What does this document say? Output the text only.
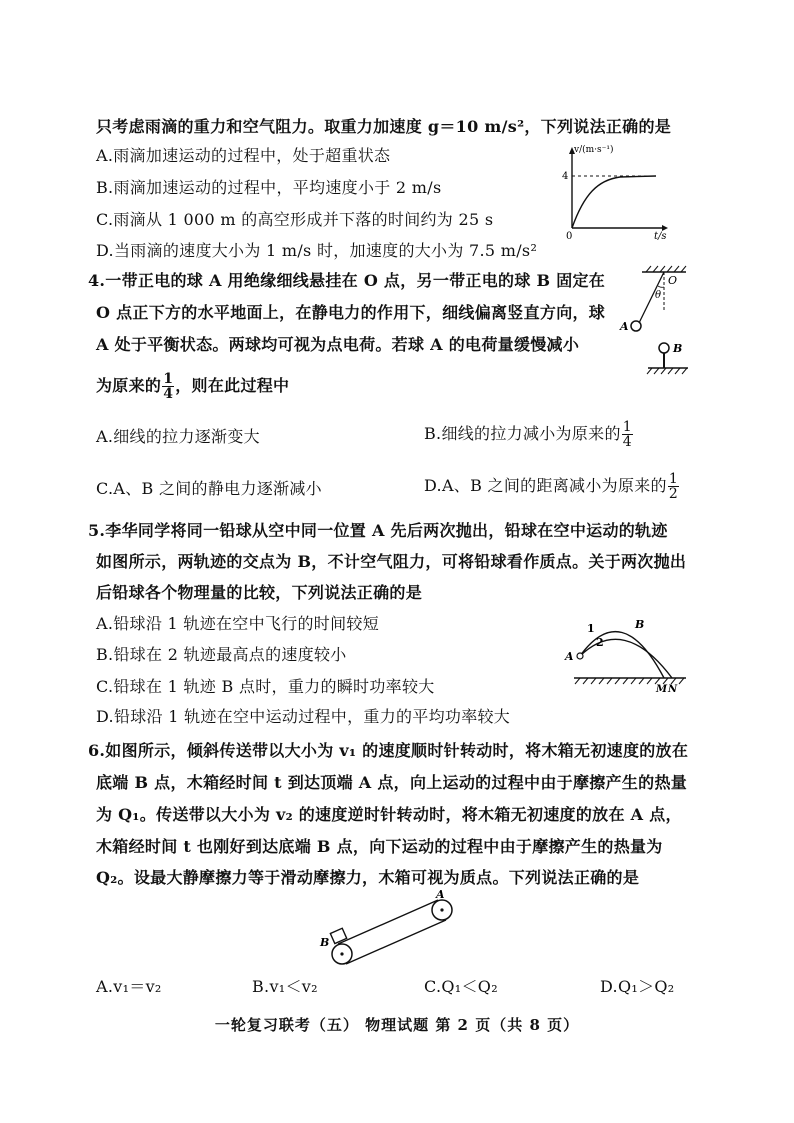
只考虑雨滴的重力和空气阻力。取重力加速度 g＝10 m/s²，下列说法正确的是
A.雨滴加速运动的过程中，处于超重状态
B.雨滴加速运动的过程中，平均速度小于 2 m/s
C.雨滴从 1 000 m 的高空形成并下落的时间约为 25 s
D.当雨滴的速度大小为 1 m/s 时，加速度的大小为 7.5 m/s²
v/(m·s⁻¹)
4
0	t/s
4.一带正电的球 A 用绝缘细线悬挂在 O 点，另一带正电的球 B 固定在
O 点正下方的水平地面上，在静电力的作用下，细线偏离竖直方向，球
A 处于平衡状态。两球均可视为点电荷。若球 A 的电荷量缓慢减小
为原来的 $\frac{1}{4}$ ，则在此过程中
A.细线的拉力逐渐变大	B.细线的拉力减小为原来的 $\frac{1}{4}$
C.A、B 之间的静电力逐渐减小	D.A、B 之间的距离减小为原来的 $\frac{1}{2}$
O
θ
A
B
5.李华同学将同一铅球从空中同一位置 A 先后两次抛出，铅球在空中运动的轨迹
如图所示，两轨迹的交点为 B，不计空气阻力，可将铅球看作质点。关于两次抛出
后铅球各个物理量的比较，下列说法正确的是
A.铅球沿 1 轨迹在空中飞行的时间较短
B.铅球在 2 轨迹最高点的速度较小
C.铅球在 1 轨迹 B 点时，重力的瞬时功率较大
D.铅球沿 1 轨迹在空中运动过程中，重力的平均功率较大
A
1
2
B
M N
6.如图所示，倾斜传送带以大小为 v₁ 的速度顺时针转动时，将木箱无初速度的放在
底端 B 点，木箱经时间 t 到达顶端 A 点，向上运动的过程中由于摩擦产生的热量
为 Q₁。传送带以大小为 v₂ 的速度逆时针转动时，将木箱无初速度的放在 A 点，
木箱经时间 t 也刚好到达底端 B 点，向下运动的过程中由于摩擦产生的热量为
Q₂。设最大静摩擦力等于滑动摩擦力，木箱可视为质点。下列说法正确的是
B
A
A.v₁＝v₂	B.v₁＜v₂	C.Q₁＜Q₂	D.Q₁＞Q₂
一轮复习联考（五） 物理试题 第 2 页（共 8 页）
